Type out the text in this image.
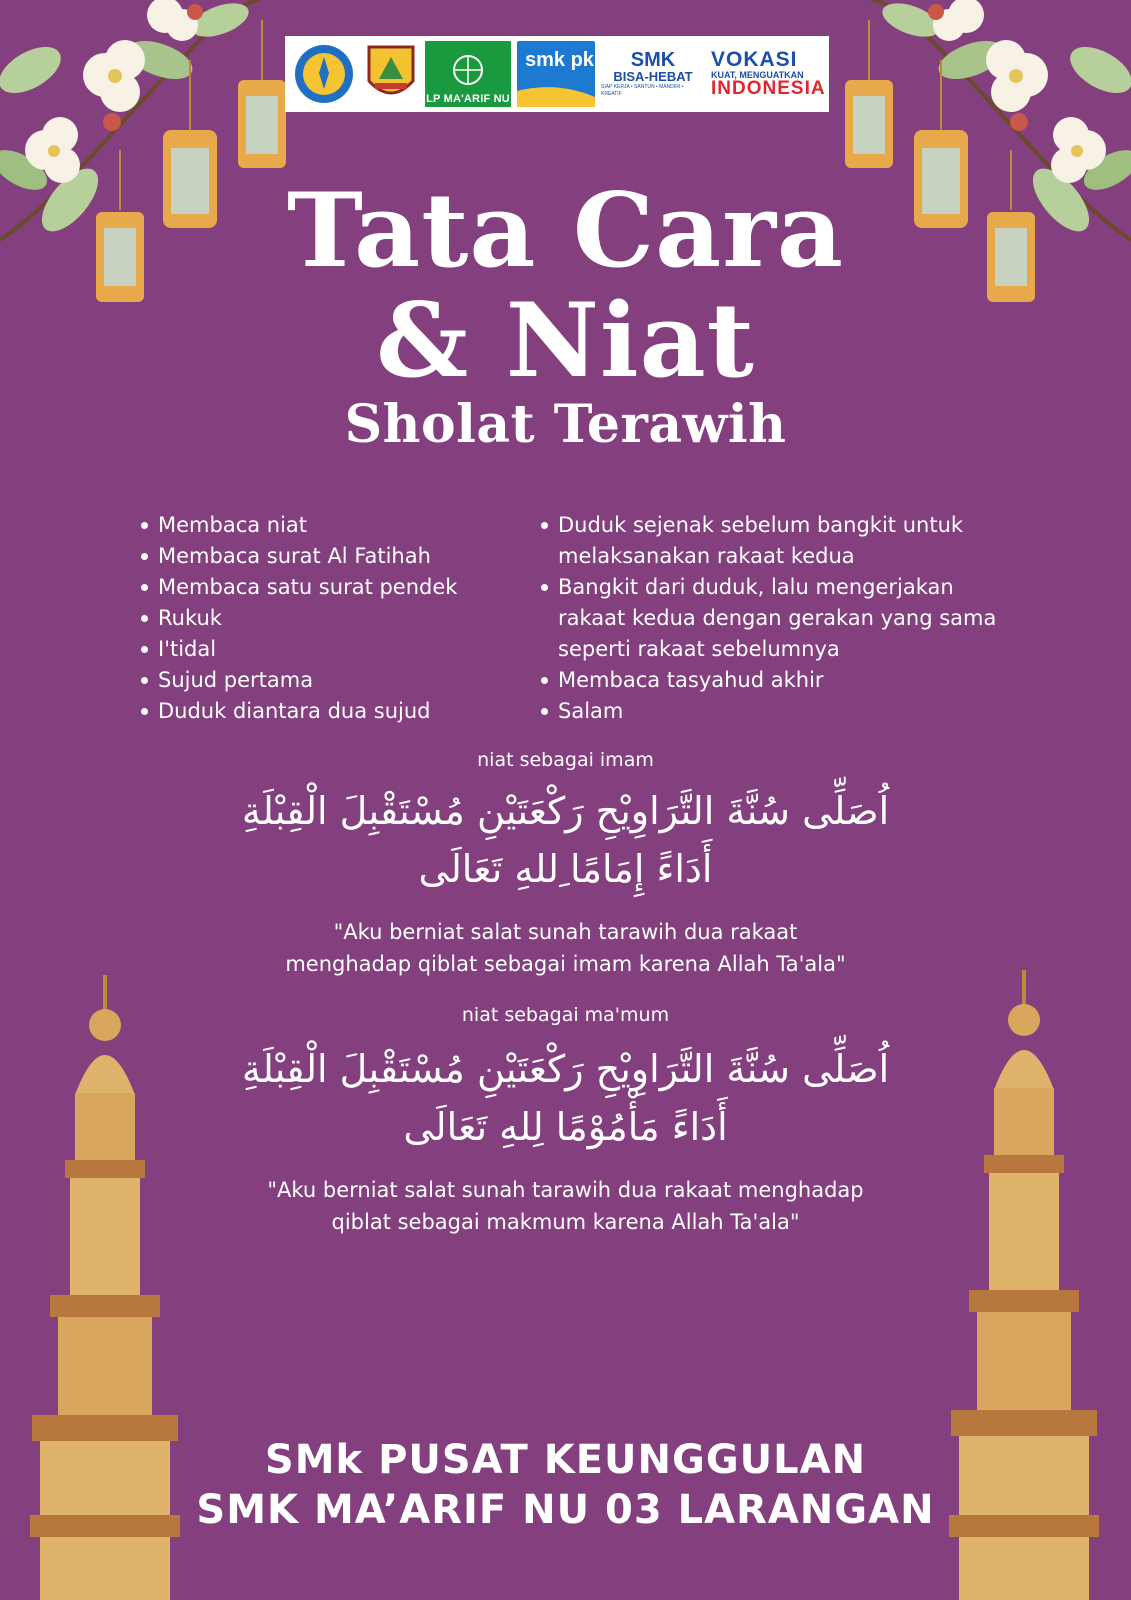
LP MA'ARIF NU
smk pk SMK
BISA-HEBAT
SIAP KERJA • SANTUN • MANDIRI • KREATIF
VOKASI
KUAT, MENGUATKAN
INDONESIA
Tata Cara
& Niat
Sholat Terawih
Membaca niat
Membaca surat Al Fatihah
Membaca satu surat pendek
Rukuk
I'tidal
Sujud pertama
Duduk diantara dua sujud
Duduk sejenak sebelum bangkit untuk melaksanakan rakaat kedua
Bangkit dari duduk, lalu mengerjakan rakaat kedua dengan gerakan yang sama seperti rakaat sebelumnya
Membaca tasyahud akhir
Salam
niat sebagai imam
اُصَلِّى سُنَّةَ التَّرَاوِيْحِ رَكْعَتَيْنِ مُسْتَقْبِلَ الْقِبْلَةِ
أَدَاءً إِمَامًا ِللهِ تَعَالَى
"Aku berniat salat sunah tarawih dua rakaat
menghadap qiblat sebagai imam karena Allah Ta'ala"
niat sebagai ma'mum
اُصَلِّى سُنَّةَ التَّرَاوِيْحِ رَكْعَتَيْنِ مُسْتَقْبِلَ الْقِبْلَةِ
أَدَاءً مَأْمُوْمًا لِلهِ تَعَالَى
"Aku berniat salat sunah tarawih dua rakaat menghadap
qiblat sebagai makmum karena Allah Ta'ala"
SMk PUSAT KEUNGGULAN
SMK MA’ARIF NU 03 LARANGAN
